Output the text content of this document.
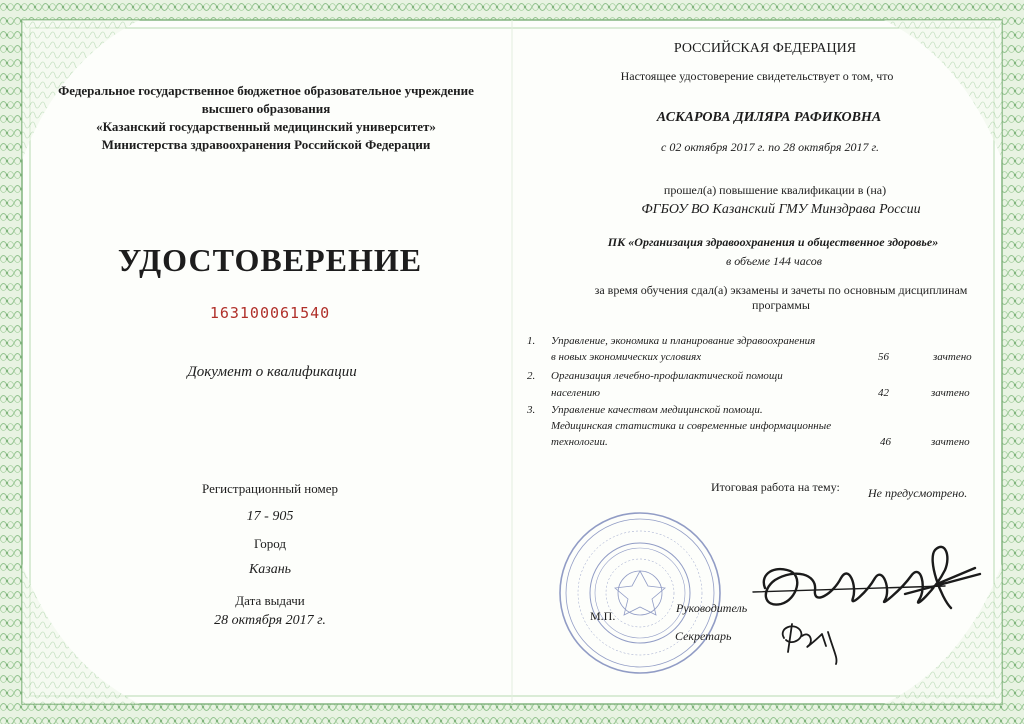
Федеральное государственное бюджетное образовательное учреждение
высшего образования
«Казанский государственный медицинский университет»
Министерства здравоохранения Российской Федерации
УДОСТОВЕРЕНИЕ
163100061540
Документ о квалификации
Регистрационный номер
17 - 905
Город
Казань
Дата выдачи
28 октября 2017 г.
РОССИЙСКАЯ ФЕДЕРАЦИЯ
Настоящее удостоверение свидетельствует о том, что
АСКАРОВА ДИЛЯРА РАФИКОВНА
с 02 октября 2017 г. по 28 октября 2017 г.
прошел(а) повышение квалификации в (на)
ФГБОУ ВО Казанский ГМУ Минздрава России
ПК «Организация здравоохранения и общественное здоровье»
в объеме 144 часов
за время обучения сдал(а) экзамены и зачеты по основным дисциплинам
программы
1. Управление, экономика и планирование здравоохранения
в новых экономических условиях	56	зачтено
2. Организация лечебно-профилактической помощи
населению	42	зачтено
3. Управление качеством медицинской помощи.
Медицинская статистика и современные информационные
технологии.	46	зачтено
Итоговая работа на тему: Не предусмотрено.
М.П.
Руководитель
Секретарь
